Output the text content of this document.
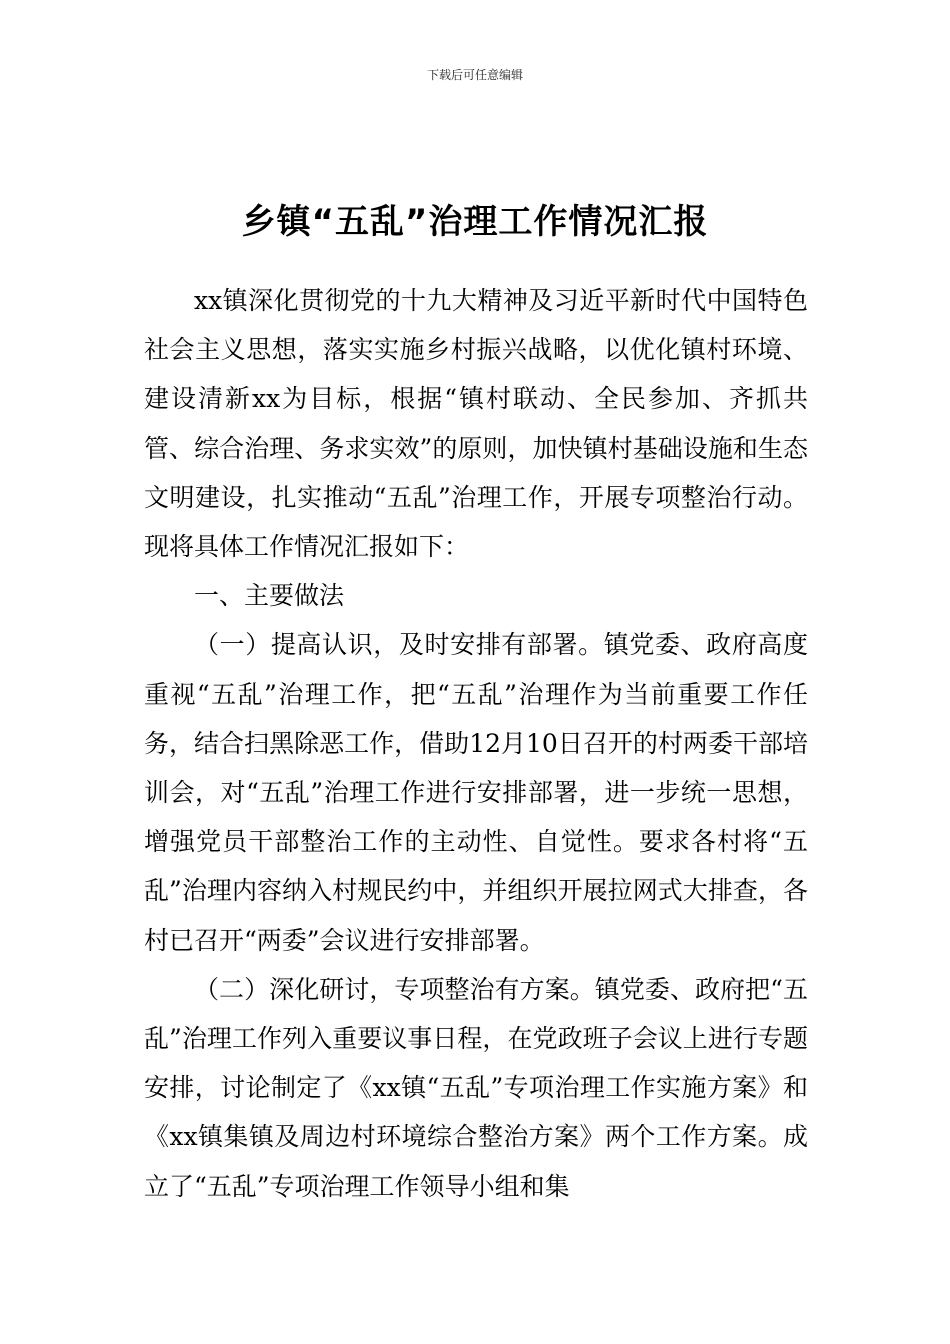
下载后可任意编辑
乡镇“五乱”治理工作情况汇报

xx镇深化贯彻党的十九大精神及习近平新时代中国特色社会主义思想，落实实施乡村振兴战略，以优化镇村环境、建设清新xx为目标，根据“镇村联动、全民参加、齐抓共管、综合治理、务求实效”的原则，加快镇村基础设施和生态文明建设，扎实推动“五乱”治理工作，开展专项整治行动。现将具体工作情况汇报如下：

一、主要做法

（一）提高认识，及时安排有部署。镇党委、政府高度重视“五乱”治理工作，把“五乱”治理作为当前重要工作任务，结合扫黑除恶工作，借助12月10日召开的村两委干部培训会，对“五乱”治理工作进行安排部署，进一步统一思想，增强党员干部整治工作的主动性、自觉性。要求各村将“五乱”治理内容纳入村规民约中，并组织开展拉网式大排查，各村已召开“两委”会议进行安排部署。

（二）深化研讨，专项整治有方案。镇党委、政府把“五乱”治理工作列入重要议事日程，在党政班子会议上进行专题安排，讨论制定了《xx镇“五乱”专项治理工作实施方案》和《xx镇集镇及周边村环境综合整治方案》两个工作方案。成立了“五乱”专项治理工作领导小组和集
